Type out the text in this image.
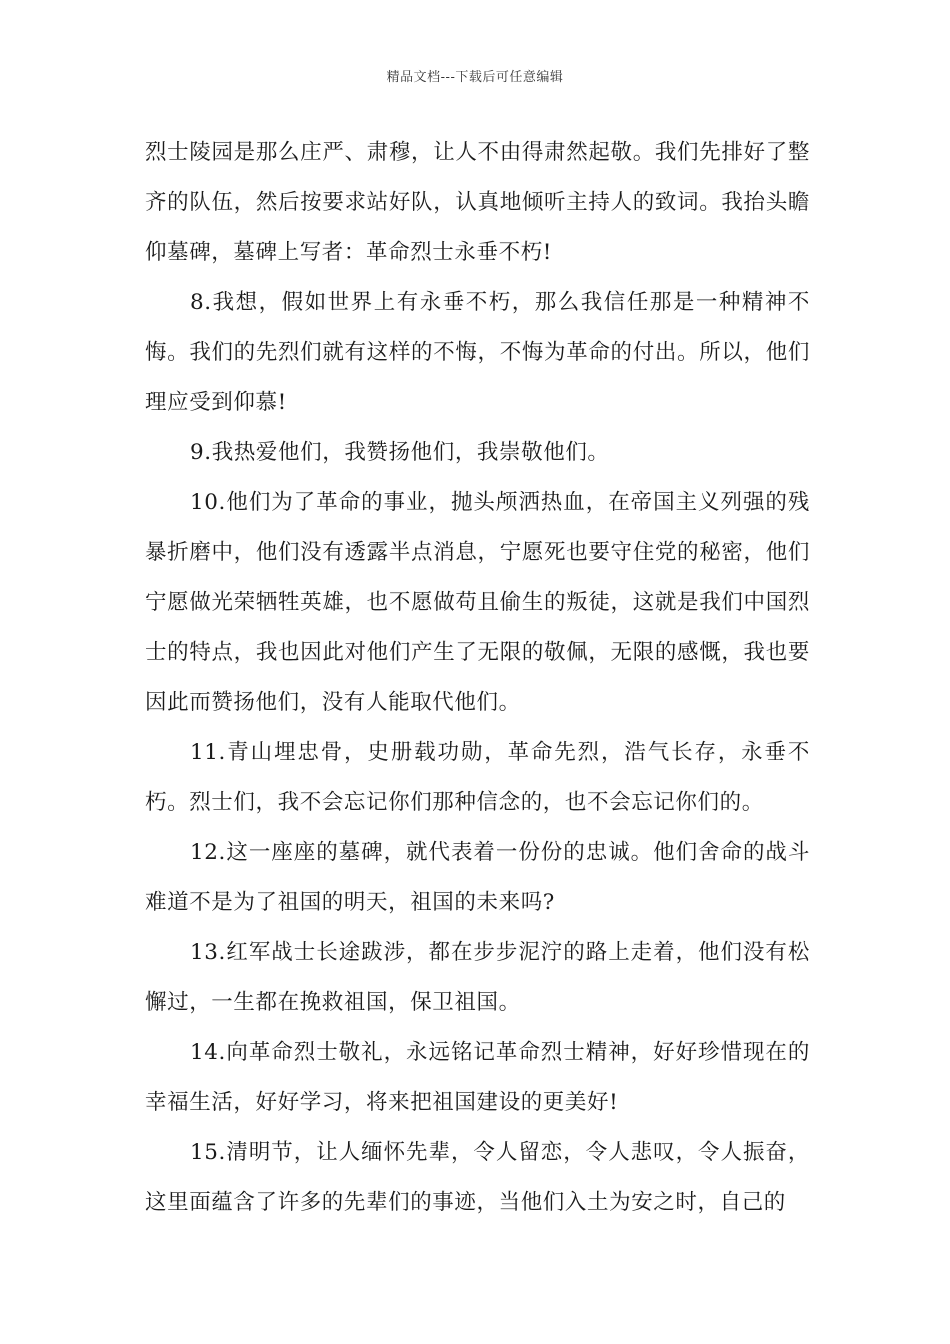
精品文档---下载后可任意编辑

烈士陵园是那么庄严、肃穆，让人不由得肃然起敬。我们先排好了整齐的队伍，然后按要求站好队，认真地倾听主持人的致词。我抬头瞻仰墓碑，墓碑上写者：革命烈士永垂不朽!

8.我想，假如世界上有永垂不朽，那么我信任那是一种精神不悔。我们的先烈们就有这样的不悔，不悔为革命的付出。所以，他们理应受到仰慕!

9.我热爱他们，我赞扬他们，我崇敬他们。

10.他们为了革命的事业，抛头颅洒热血，在帝国主义列强的残暴折磨中，他们没有透露半点消息，宁愿死也要守住党的秘密，他们宁愿做光荣牺牲英雄，也不愿做苟且偷生的叛徒，这就是我们中国烈士的特点，我也因此对他们产生了无限的敬佩，无限的感慨，我也要因此而赞扬他们，没有人能取代他们。

11.青山埋忠骨，史册载功勋，革命先烈，浩气长存，永垂不朽。烈士们，我不会忘记你们那种信念的，也不会忘记你们的。

12.这一座座的墓碑，就代表着一份份的忠诚。他们舍命的战斗难道不是为了祖国的明天，祖国的未来吗?

13.红军战士长途跋涉，都在步步泥泞的路上走着，他们没有松懈过，一生都在挽救祖国，保卫祖国。

14.向革命烈士敬礼，永远铭记革命烈士精神，好好珍惜现在的幸福生活，好好学习，将来把祖国建设的更美好!

15.清明节，让人缅怀先辈，令人留恋，令人悲叹，令人振奋，这里面蕴含了许多的先辈们的事迹，当他们入土为安之时，自己的
